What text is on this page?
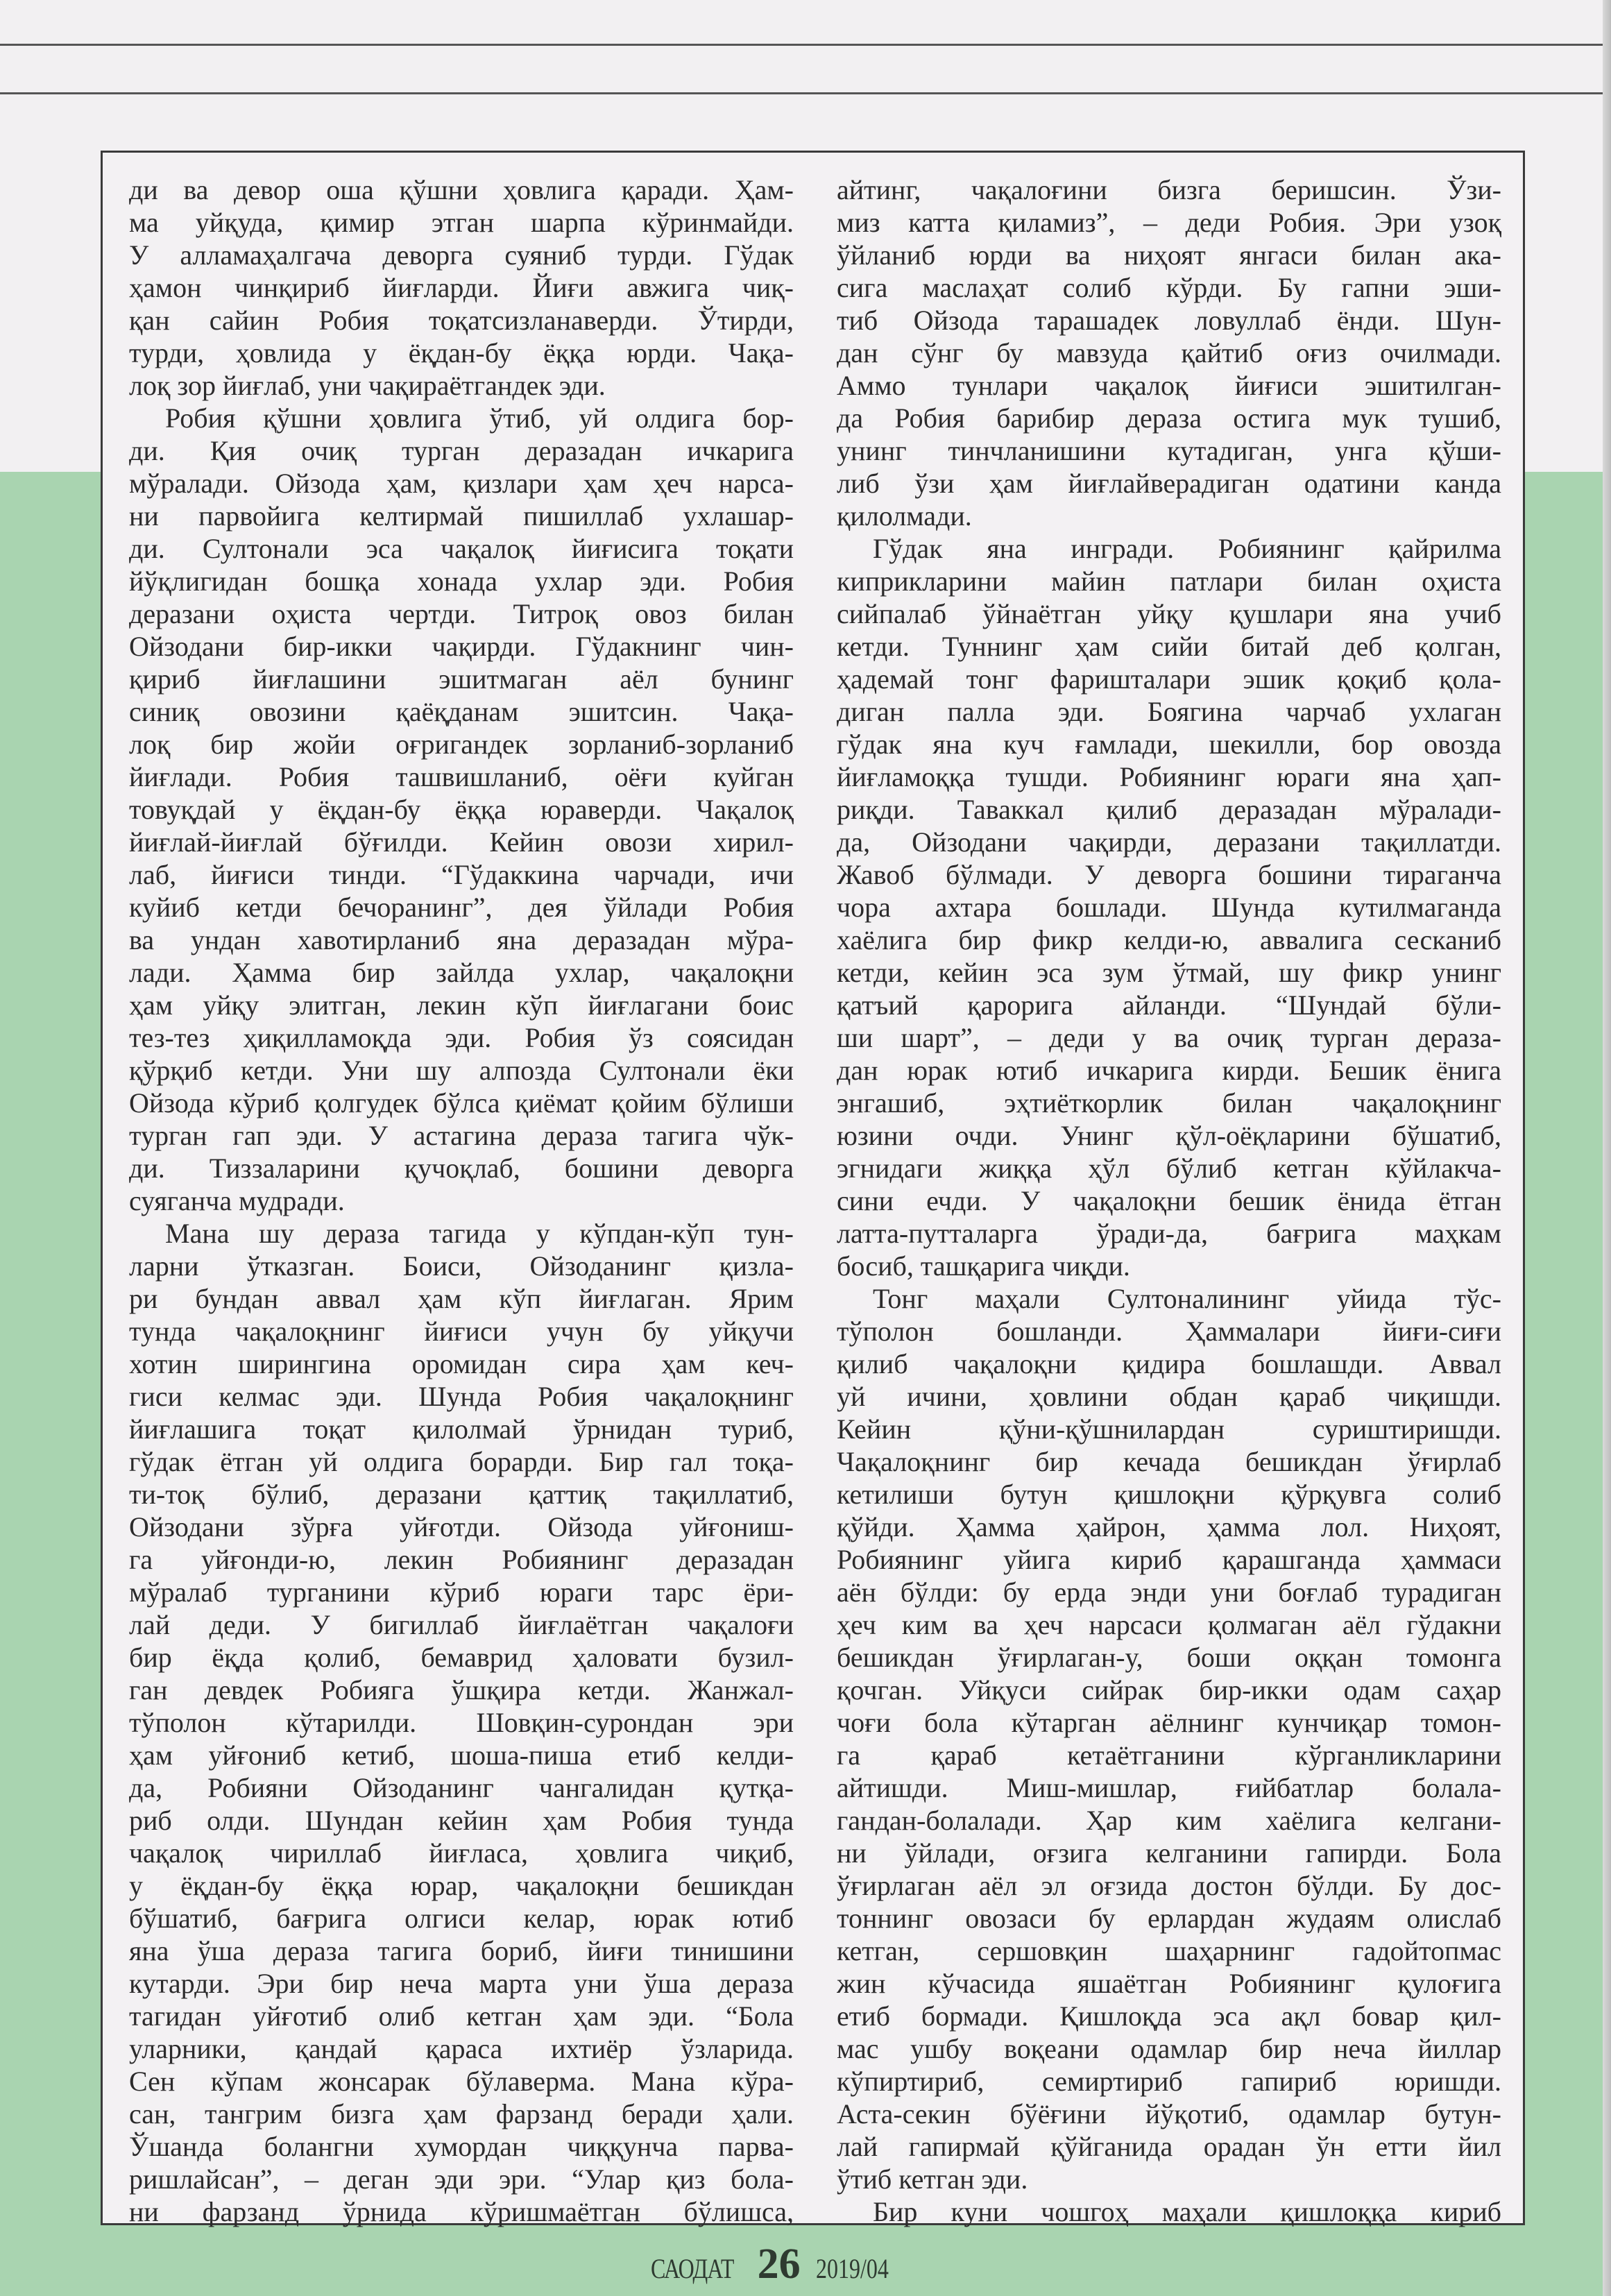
ди ва девор оша қўшни ҳовлига қаради. Ҳам-
ма уйқуда, қимир этган шарпа кўринмайди.
У алламаҳалгача деворга суяниб турди. Гўдак
ҳамон чинқириб йиғларди. Йиғи авжига чиқ-
қан сайин Робия тоқатсизланаверди. Ўтирди,
турди, ҳовлида у ёқдан-бу ёққа юрди. Чақа-
лоқ зор йиғлаб, уни чақираётгандек эди.
Робия қўшни ҳовлига ўтиб, уй олдига бор-
ди. Қия очиқ турган деразадан ичкарига
мўралади. Ойзода ҳам, қизлари ҳам ҳеч нарса-
ни парвойига келтирмай пишиллаб ухлашар-
ди. Султонали эса чақалоқ йиғисига тоқати
йўқлигидан бошқа хонада ухлар эди. Робия
деразани оҳиста чертди. Титроқ овоз билан
Ойзодани бир-икки чақирди. Гўдакнинг чин-
қириб йиғлашини эшитмаган аёл бунинг
синиқ овозини қаёқданам эшитсин. Чақа-
лоқ бир жойи оғригандек зорланиб-зорланиб
йиғлади. Робия ташвишланиб, оёғи куйган
товуқдай у ёқдан-бу ёққа юраверди. Чақалоқ
йиғлай-йиғлай бўғилди. Кейин овози хирил-
лаб, йиғиси тинди. “Гўдаккина чарчади, ичи
куйиб кетди бечоранинг”, дея ўйлади Робия
ва ундан хавотирланиб яна деразадан мўра-
лади. Ҳамма бир зайлда ухлар, чақалоқни
ҳам уйқу элитган, лекин кўп йиғлагани боис
тез-тез ҳиқилламоқда эди. Робия ўз соясидан
қўрқиб кетди. Уни шу алпозда Султонали ёки
Ойзода кўриб қолгудек бўлса қиёмат қойим бўлиши
турган гап эди. У астагина дераза тагига чўк-
ди. Тиззаларини қучоқлаб, бошини деворга
суяганча мудради.
Мана шу дераза тагида у кўпдан-кўп тун-
ларни ўтказган. Боиси, Ойзоданинг қизла-
ри бундан аввал ҳам кўп йиғлаган. Ярим
тунда чақалоқнинг йиғиси учун бу уйқучи
хотин ширингина оромидан сира ҳам кеч-
гиси келмас эди. Шунда Робия чақалоқнинг
йиғлашига тоқат қилолмай ўрнидан туриб,
гўдак ётган уй олдига борарди. Бир гал тоқа-
ти-тоқ бўлиб, деразани қаттиқ тақиллатиб,
Ойзодани зўрға уйғотди. Ойзода уйғониш-
га уйғонди-ю, лекин Робиянинг деразадан
мўралаб турганини кўриб юраги тарс ёри-
лай деди. У бигиллаб йиғлаётган чақалоғи
бир ёқда қолиб, бемаврид ҳаловати бузил-
ган девдек Робияга ўшқира кетди. Жанжал-
тўполон кўтарилди. Шовқин-сурондан эри
ҳам уйғониб кетиб, шоша-пиша етиб келди-
да, Робияни Ойзоданинг чангалидан қутқа-
риб олди. Шундан кейин ҳам Робия тунда
чақалоқ чириллаб йиғласа, ҳовлига чиқиб,
у ёқдан-бу ёққа юрар, чақалоқни бешикдан
бўшатиб, бағрига олгиси келар, юрак ютиб
яна ўша дераза тагига бориб, йиғи тинишини
кутарди. Эри бир неча марта уни ўша дераза
тагидан уйғотиб олиб кетган ҳам эди. “Бола
уларники, қандай қараса ихтиёр ўзларида.
Сен кўпам жонсарак бўлаверма. Мана кўра-
сан, тангрим бизга ҳам фарзанд беради ҳали.
Ўшанда болангни хумордан чиққунча парва-
ришлайсан”, – деган эди эри. “Улар қиз бола-
ни фарзанд ўрнида кўришмаётган бўлишса,
айтинг, чақалоғини бизга беришсин. Ўзи-
миз катта қиламиз”, – деди Робия. Эри узоқ
ўйланиб юрди ва ниҳоят янгаси билан ака-
сига маслаҳат солиб кўрди. Бу гапни эши-
тиб Ойзода тарашадек ловуллаб ёнди. Шун-
дан сўнг бу мавзуда қайтиб оғиз очилмади.
Аммо тунлари чақалоқ йиғиси эшитилган-
да Робия барибир дераза остига мук тушиб,
унинг тинчланишини кутадиган, унга қўши-
либ ўзи ҳам йиғлайверадиган одатини канда
қилолмади.
Гўдак яна ингради. Робиянинг қайрилма
киприкларини майин патлари билан оҳиста
сийпалаб ўйнаётган уйқу қушлари яна учиб
кетди. Туннинг ҳам сийи битай деб қолган,
ҳадемай тонг фаришталари эшик қоқиб қола-
диган палла эди. Боягина чарчаб ухлаган
гўдак яна куч ғамлади, шекилли, бор овозда
йиғламоққа тушди. Робиянинг юраги яна ҳап-
риқди. Таваккал қилиб деразадан мўралади-
да, Ойзодани чақирди, деразани тақиллатди.
Жавоб бўлмади. У деворга бошини тираганча
чора ахтара бошлади. Шунда кутилмаганда
хаёлига бир фикр келди-ю, аввалига сесканиб
кетди, кейин эса зум ўтмай, шу фикр унинг
қатъий қарорига айланди. “Шундай бўли-
ши шарт”, – деди у ва очиқ турган дераза-
дан юрак ютиб ичкарига кирди. Бешик ёнига
энгашиб, эҳтиёткорлик билан чақалоқнинг
юзини очди. Унинг қўл-оёқларини бўшатиб,
эгнидаги жиққа ҳўл бўлиб кетган кўйлакча-
сини ечди. У чақалоқни бешик ёнида ётган
латта-путталарга ўради-да, бағрига маҳкам
босиб, ташқарига чиқди.
Тонг маҳали Султоналининг уйида тўс-
тўполон бошланди. Ҳаммалари йиғи-сиғи
қилиб чақалоқни қидира бошлашди. Аввал
уй ичини, ҳовлини обдан қараб чиқишди.
Кейин қўни-қўшнилардан суриштиришди.
Чақалоқнинг бир кечада бешикдан ўғирлаб
кетилиши бутун қишлоқни қўрқувга солиб
қўйди. Ҳамма ҳайрон, ҳамма лол. Ниҳоят,
Робиянинг уйига кириб қарашганда ҳаммаси
аён бўлди: бу ерда энди уни боғлаб турадиган
ҳеч ким ва ҳеч нарсаси қолмаган аёл гўдакни
бешикдан ўғирлаган-у, боши оққан томонга
қочган. Уйқуси сийрак бир-икки одам саҳар
чоғи бола кўтарган аёлнинг кунчиқар томон-
га қараб кетаётганини кўрганликларини
айтишди. Миш-мишлар, ғийбатлар болала-
гандан-болалади. Ҳар ким хаёлига келгани-
ни ўйлади, оғзига келганини гапирди. Бола
ўғирлаган аёл эл оғзида достон бўлди. Бу дос-
тоннинг овозаси бу ерлардан жудаям олислаб
кетган, сершовқин шаҳарнинг гадойтопмас
жин кўчасида яшаётган Робиянинг қулоғига
етиб бормади. Қишлоқда эса ақл бовар қил-
мас ушбу воқеани одамлар бир неча йиллар
кўпиртириб, семиртириб гапириб юришди.
Аста-секин бўёғини йўқотиб, одамлар бутун-
лай гапирмай қўйганида орадан ўн етти йил
ўтиб кетган эди.
Бир куни чошгоҳ маҳали қишлоққа кириб
САОДАТ 26 2019/04
